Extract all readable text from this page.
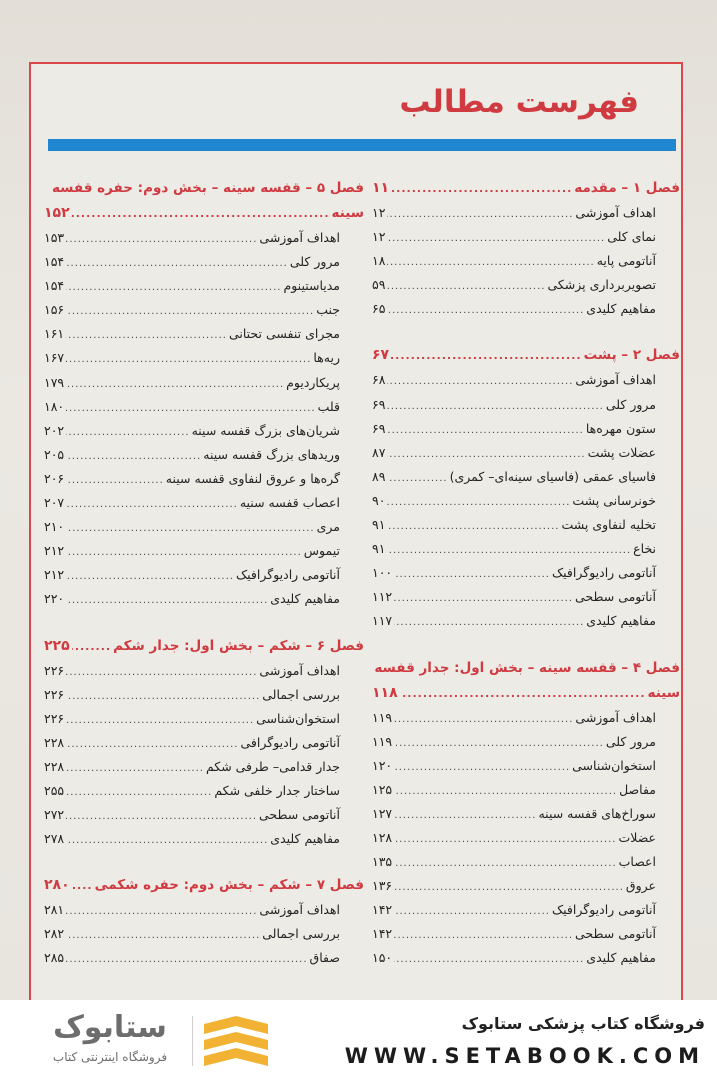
فهرست مطالب
فصل ۱ – مقدمه
.....
۱۱
اهداف آموزشی
.....
۱۲
نمای کلی
.....
۱۲
آناتومی پایه
.....
۱۸
تصویربرداری پزشکی
.....
۵۹
مفاهیم کلیدی
.....
۶۵
فصل ۲ – پشت
.....
۶۷
اهداف آموزشی
.....
۶۸
مرور کلی
.....
۶۹
ستون مهره‌ها
.....
۶۹
عضلات پشت
.....
۸۷
فاسیای عمقی (فاسیای سینه‌ای– کمری)
.....
۸۹
خونرسانی پشت
.....
۹۰
تخلیه لنفاوی پشت
.....
۹۱
نخاع
.....
۹۱
آناتومی رادیوگرافیک
.....
۱۰۰
آناتومی سطحی
.....
۱۱۲
مفاهیم کلیدی
.....
۱۱۷
فصل ۴ – قفسه سینه – بخش اول: جدار قفسه
سینه
.....
۱۱۸
اهداف آموزشی
.....
۱۱۹
مرور کلی
.....
۱۱۹
استخوان‌شناسی
.....
۱۲۰
مفاصل
.....
۱۲۵
سوراخ‌های قفسه سینه
.....
۱۲۷
عضلات
.....
۱۲۸
اعصاب
.....
۱۳۵
عروق
.....
۱۳۶
آناتومی رادیوگرافیک
.....
۱۴۲
آناتومی سطحی
.....
۱۴۲
مفاهیم کلیدی
.....
۱۵۰
فصل ۵ – قفسه سینه – بخش دوم: حفره قفسه
سینه
.....
۱۵۲
اهداف آموزشی
.....
۱۵۳
مرور کلی
.....
۱۵۴
مدیاستینوم
.....
۱۵۴
جنب
.....
۱۵۶
مجرای تنفسی تحتانی
.....
۱۶۱
ریه‌ها
.....
۱۶۷
پریکاردیوم
.....
۱۷۹
قلب
.....
۱۸۰
شریان‌های بزرگ قفسه سینه
.....
۲۰۲
وریدهای بزرگ قفسه سینه
.....
۲۰۵
گره‌ها و عروق لنفاوی قفسه سینه
.....
۲۰۶
اعصاب قفسه سنیه
.....
۲۰۷
مری
.....
۲۱۰
تیموس
.....
۲۱۲
آناتومی رادیوگرافیک
.....
۲۱۲
مفاهیم کلیدی
.....
۲۲۰
فصل ۶ – شکم – بخش اول: جدار شکم
.....
۲۲۵
اهداف آموزشی
.....
۲۲۶
بررسی اجمالی
.....
۲۲۶
استخوان‌شناسی
.....
۲۲۶
آناتومی رادیوگرافی
.....
۲۲۸
جدار قدامی– طرفی شکم
.....
۲۲۸
ساختار جدار خلفی شکم
.....
۲۵۵
آناتومی سطحی
.....
۲۷۲
مفاهیم کلیدی
.....
۲۷۸
فصل ۷ – شکم – بخش دوم: حفره شکمی
.....
۲۸۰
اهداف آموزشی
.....
۲۸۱
بررسی اجمالی
.....
۲۸۲
صفاق
.....
۲۸۵
فروشگاه کتاب پزشکی ستابوک
WWW.SETABOOK.COM
ستابوک
فروشگاه اینترنتی کتاب
